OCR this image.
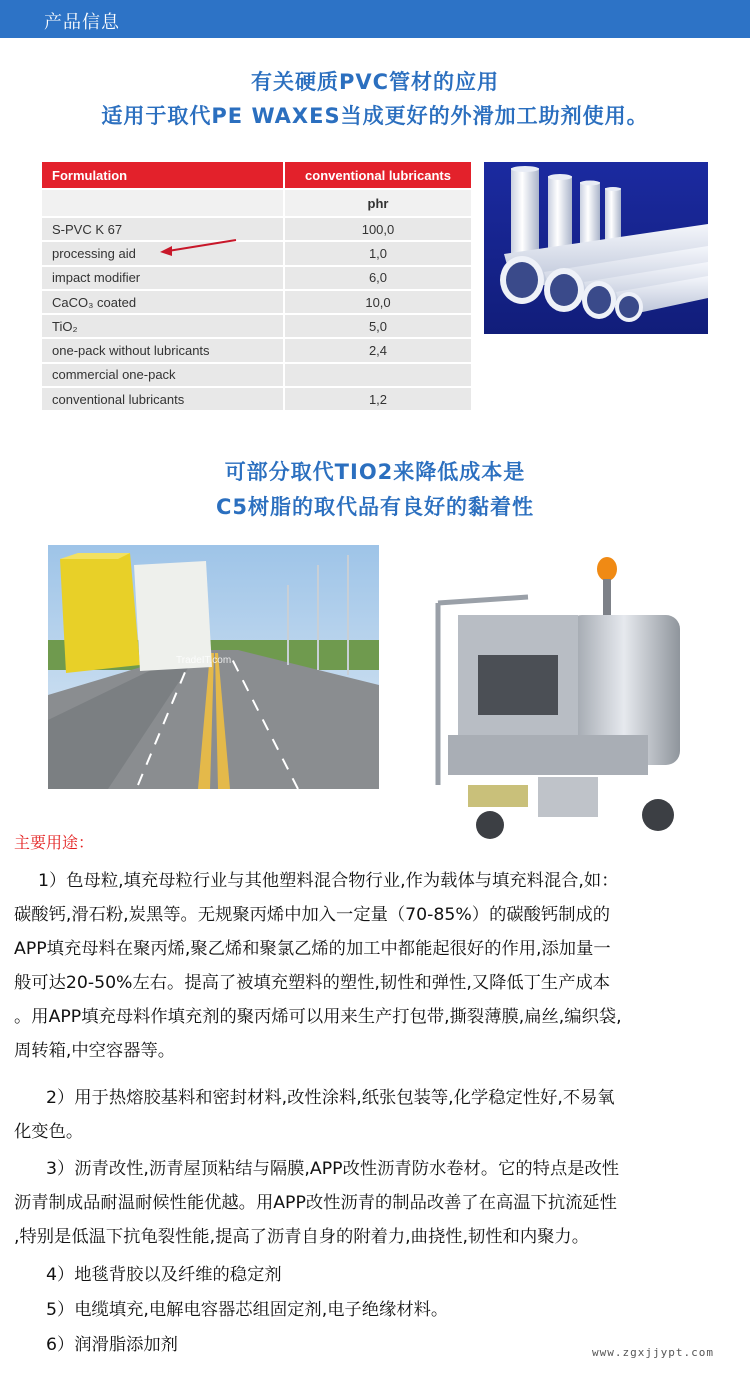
产品信息
有关硬质PVC管材的应用
适用于取代PE WAXES当成更好的外滑加工助剂使用。
Formulation	conventional lubricants
	phr
S-PVC K 67	100,0
processing aid	1,0
impact modifier	6,0
CaCO₃ coated	10,0
TiO₂	5,0
one-pack without lubricants	2,4
commercial one-pack	
conventional lubricants	1,2
可部分取代TIO2来降低成本是
C5树脂的取代品有良好的黏着性
TradeIT.com
主要用途：
1）色母粒,填充母粒行业与其他塑料混合物行业,作为载体与填充料混合,如：
碳酸钙,滑石粉,炭黑等。无规聚丙烯中加入一定量（70-85%）的碳酸钙制成的
APP填充母料在聚丙烯,聚乙烯和聚氯乙烯的加工中都能起很好的作用,添加量一
般可达20-50%左右。提高了被填充塑料的塑性,韧性和弹性,又降低丁生产成本
。用APP填充母料作填充剂的聚丙烯可以用来生产打包带,撕裂薄膜,扁丝,编织袋,
周转箱,中空容器等。
2）用于热熔胶基料和密封材料,改性涂料,纸张包装等,化学稳定性好,不易氧
化变色。
3）沥青改性,沥青屋顶粘结与隔膜,APP改性沥青防水卷材。它的特点是改性
沥青制成品耐温耐候性能优越。用APP改性沥青的制品改善了在高温下抗流延性
,特别是低温下抗龟裂性能,提高了沥青自身的附着力,曲挠性,韧性和内聚力。
4）地毯背胶以及纤维的稳定剂
5）电缆填充,电解电容器芯组固定剂,电子绝缘材料。
6）润滑脂添加剂	www.zgxjjypt.com
